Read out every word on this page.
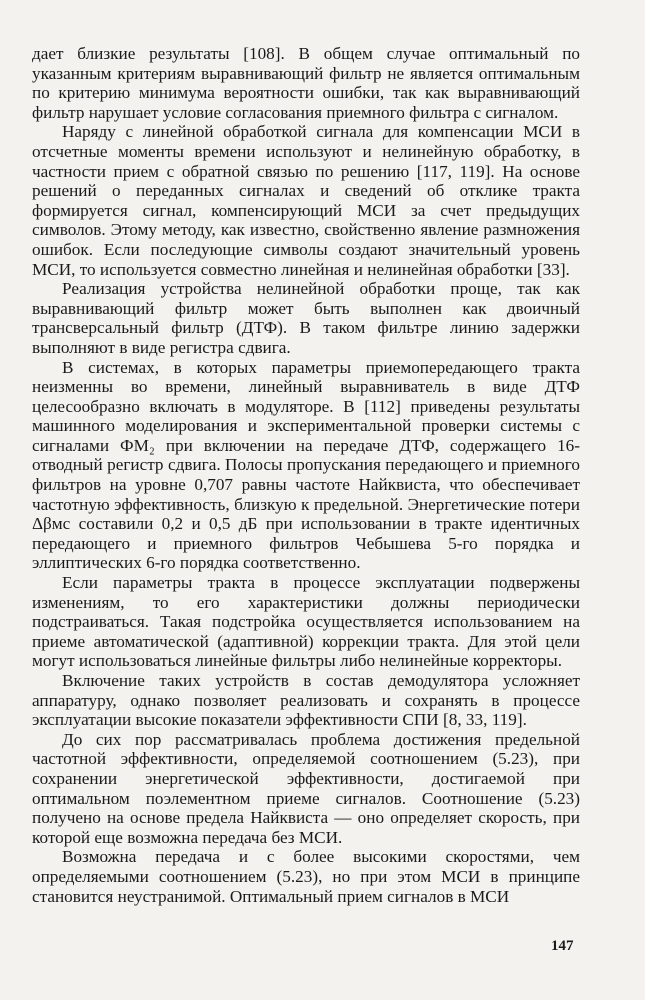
дает близкие результаты [108]. В общем случае оптимальный по указанным критериям выравнивающий фильтр не является оптимальным по критерию минимума вероятности ошибки, так как выравнивающий фильтр нарушает условие согласования приемного фильтра с сигналом.

Наряду с линейной обработкой сигнала для компенсации МСИ в отсчетные моменты времени используют и нелинейную обработку, в частности прием с обратной связью по решению [117, 119]. На основе решений о переданных сигналах и сведений об отклике тракта формируется сигнал, компенсирующий МСИ за счет предыдущих символов. Этому методу, как известно, свойственно явление размножения ошибок. Если последующие символы создают значительный уровень МСИ, то используется совместно линейная и нелинейная обработки [33].

Реализация устройства нелинейной обработки проще, так как выравнивающий фильтр может быть выполнен как двоичный трансверсальный фильтр (ДТФ). В таком фильтре линию задержки выполняют в виде регистра сдвига.

В системах, в которых параметры приемопередающего тракта неизменны во времени, линейный выравниватель в виде ДТФ целесообразно включать в модуляторе. В [112] приведены результаты машинного моделирования и экспериментальной проверки системы с сигналами ФМ₂ при включении на передаче ДТФ, содержащего 16-отводный регистр сдвига. Полосы пропускания передающего и приемного фильтров на уровне 0,707 равны частоте Найквиста, что обеспечивает частотную эффективность, близкую к предельной. Энергетические потери Δβмс составили 0,2 и 0,5 дБ при использовании в тракте идентичных передающего и приемного фильтров Чебышева 5-го порядка и эллиптических 6-го порядка соответственно.

Если параметры тракта в процессе эксплуатации подвержены изменениям, то его характеристики должны периодически подстраиваться. Такая подстройка осуществляется использованием на приеме автоматической (адаптивной) коррекции тракта. Для этой цели могут использоваться линейные фильтры либо нелинейные корректоры.

Включение таких устройств в состав демодулятора усложняет аппаратуру, однако позволяет реализовать и сохранять в процессе эксплуатации высокие показатели эффективности СПИ [8, 33, 119].

До сих пор рассматривалась проблема достижения предельной частотной эффективности, определяемой соотношением (5.23), при сохранении энергетической эффективности, достигаемой при оптимальном поэлементном приеме сигналов. Соотношение (5.23) получено на основе предела Найквиста — оно определяет скорость, при которой еще возможна передача без МСИ.

Возможна передача и с более высокими скоростями, чем определяемыми соотношением (5.23), но при этом МСИ в принципе становится неустранимой. Оптимальный прием сигналов в МСИ

147
